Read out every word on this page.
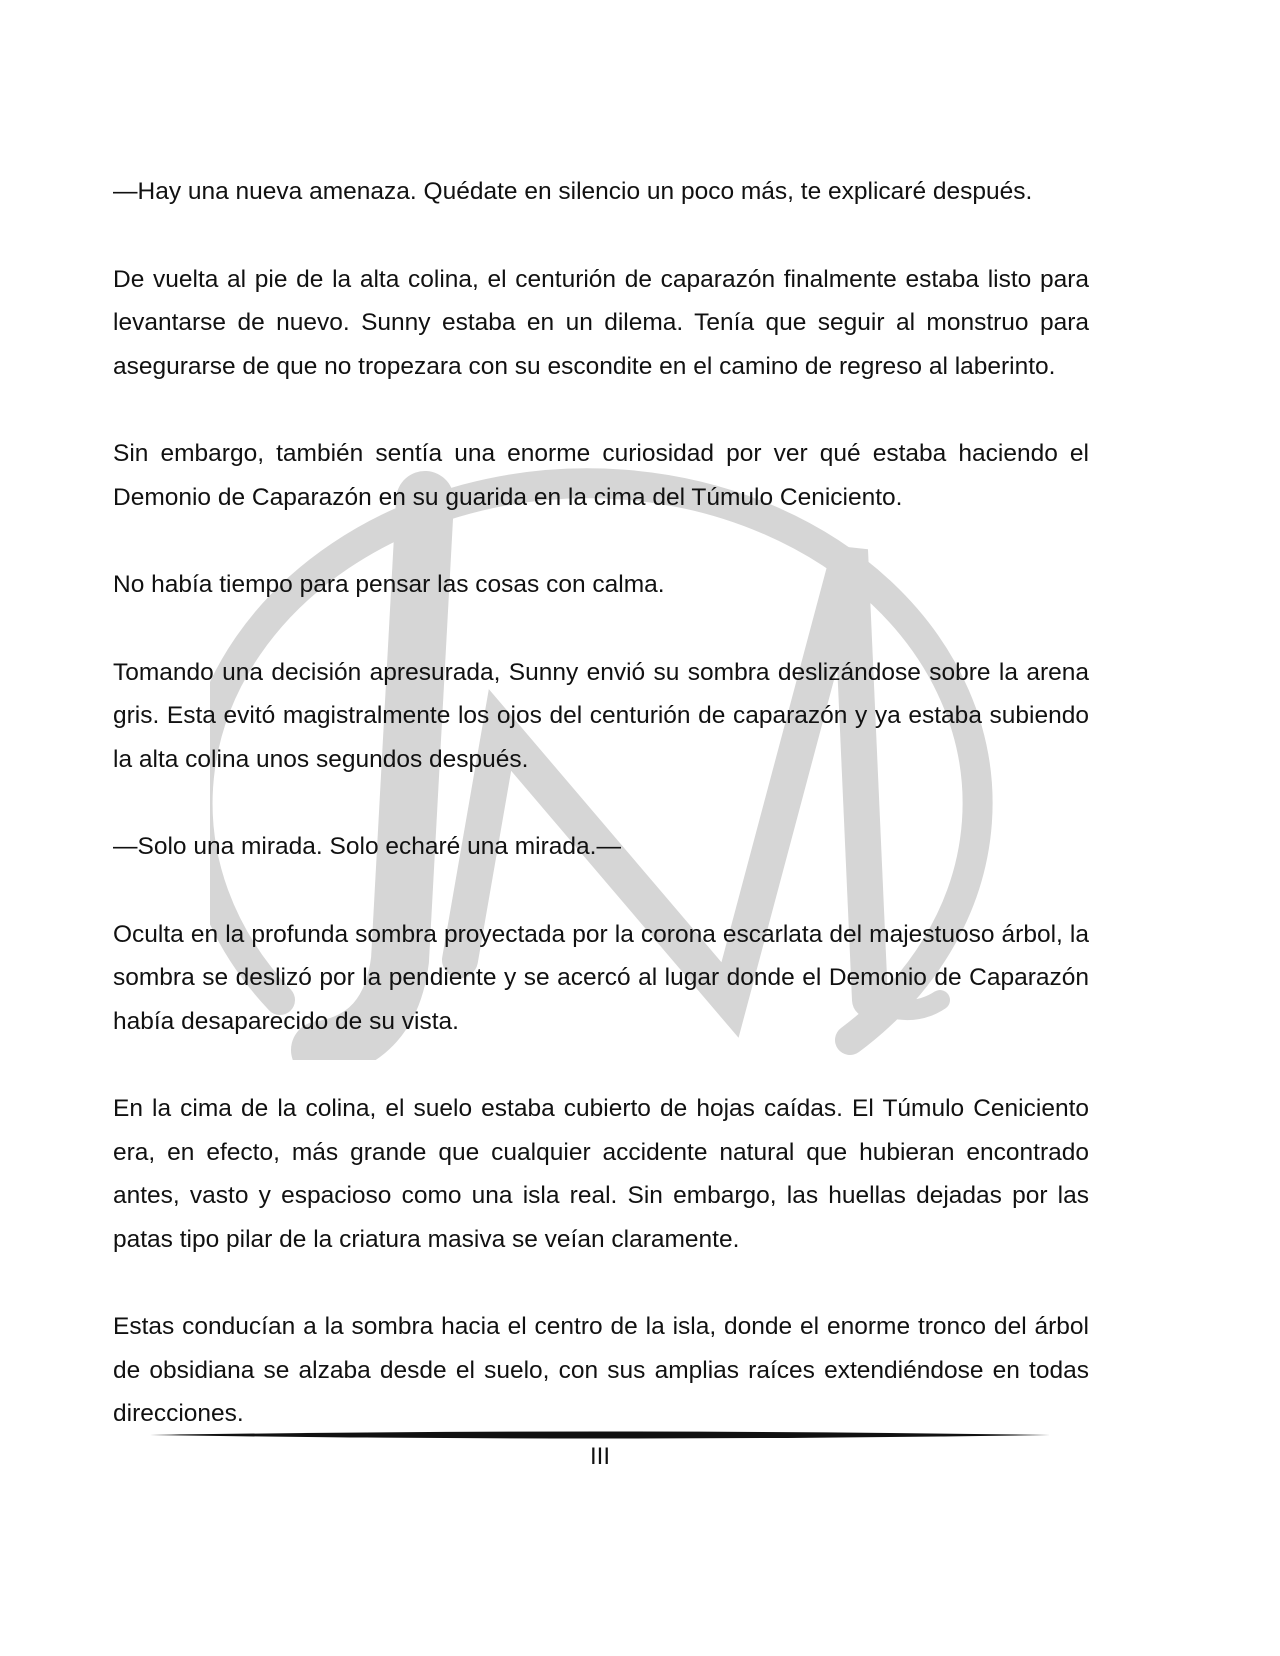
—Hay una nueva amenaza. Quédate en silencio un poco más, te explicaré después.

De vuelta al pie de la alta colina, el centurión de caparazón finalmente estaba listo para levantarse de nuevo. Sunny estaba en un dilema. Tenía que seguir al monstruo para asegurarse de que no tropezara con su escondite en el camino de regreso al laberinto.

Sin embargo, también sentía una enorme curiosidad por ver qué estaba haciendo el Demonio de Caparazón en su guarida en la cima del Túmulo Ceniciento.

No había tiempo para pensar las cosas con calma.

Tomando una decisión apresurada, Sunny envió su sombra deslizándose sobre la arena gris. Esta evitó magistralmente los ojos del centurión de caparazón y ya estaba subiendo la alta colina unos segundos después.

—Solo una mirada. Solo echaré una mirada.—

Oculta en la profunda sombra proyectada por la corona escarlata del majestuoso árbol, la sombra se deslizó por la pendiente y se acercó al lugar donde el Demonio de Caparazón había desaparecido de su vista.

En la cima de la colina, el suelo estaba cubierto de hojas caídas. El Túmulo Ceniciento era, en efecto, más grande que cualquier accidente natural que hubieran encontrado antes, vasto y espacioso como una isla real. Sin embargo, las huellas dejadas por las patas tipo pilar de la criatura masiva se veían claramente.

Estas conducían a la sombra hacia el centro de la isla, donde el enorme tronco del árbol de obsidiana se alzaba desde el suelo, con sus amplias raíces extendiéndose en todas direcciones.

III
